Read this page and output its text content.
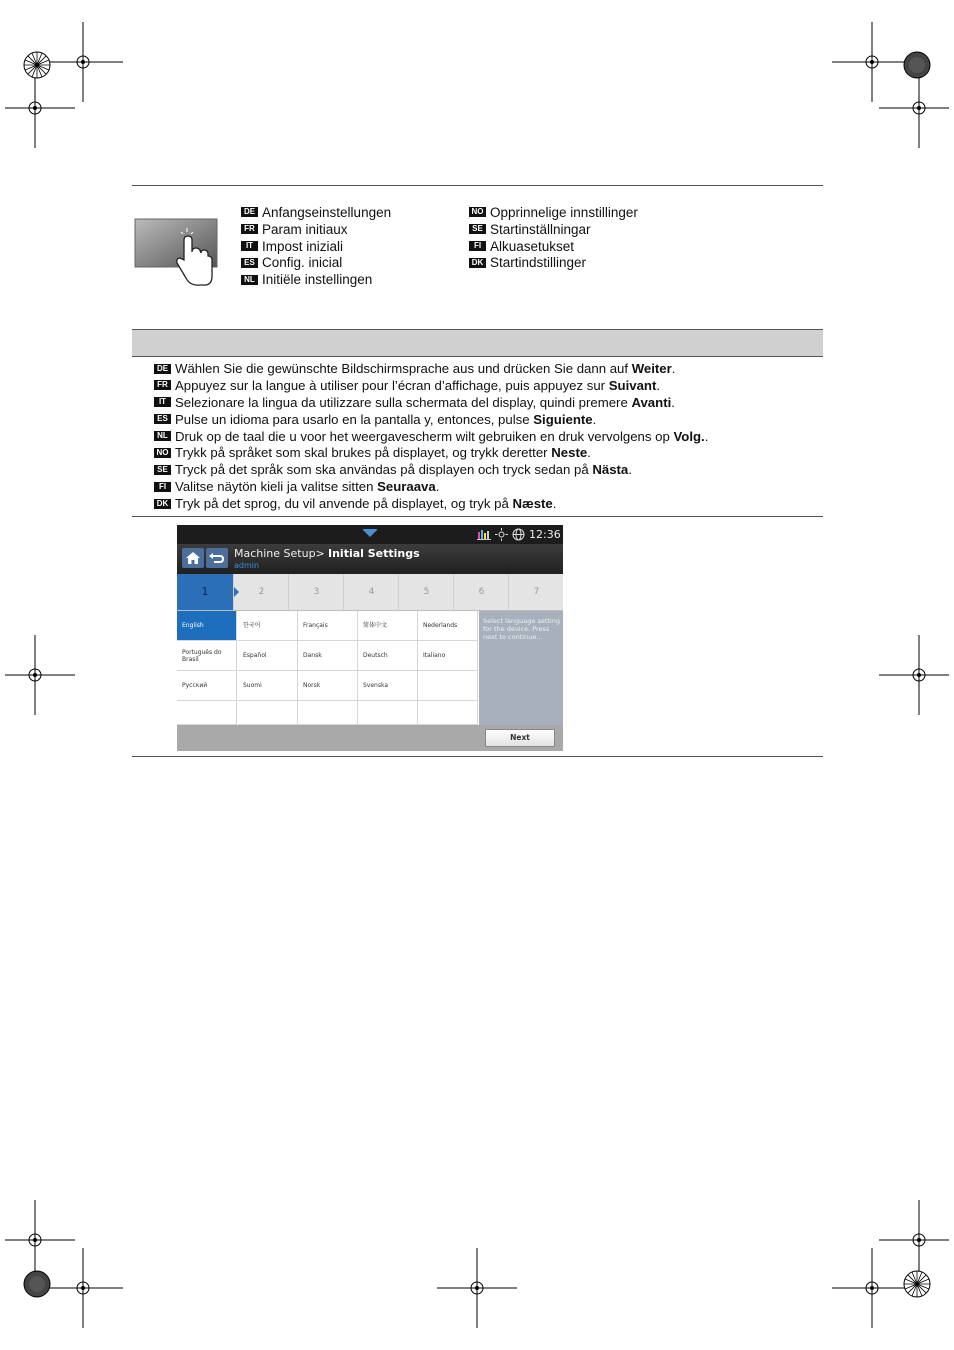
DE Anfangseinstellungen
FR Param initiaux
IT Impost iniziali
ES Config. inicial
NL Initiële instellingen
NO Opprinnelige innstillinger
SE Startinställningar
FI Alkuasetukset
DK Startindstillinger
DE Wählen Sie die gewünschte Bildschirmsprache aus und drücken Sie dann auf Weiter.
FR Appuyez sur la langue à utiliser pour l’écran d’affichage, puis appuyez sur Suivant.
IT Selezionare la lingua da utilizzare sulla schermata del display, quindi premere Avanti.
ES Pulse un idioma para usarlo en la pantalla y, entonces, pulse Siguiente.
NL Druk op de taal die u voor het weergavescherm wilt gebruiken en druk vervolgens op Volg..
NO Trykk på språket som skal brukes på displayet, og trykk deretter Neste.
SE Tryck på det språk som ska användas på displayen och tryck sedan på Nästa.
FI Valitse näytön kieli ja valitse sitten Seuraava.
DK Tryk på det sprog, du vil anvende på displayet, og tryk på Næste.
12:36
Machine Setup> Initial Settings
admin
1	2	3	4	5	6	7
English	한국어	Français	简体中文	Nederlands
Português do Brasil	Español	Dansk	Deutsch	Italiano
Русский	Suomi	Norsk	Svenska
Select language setting for the device. Press next to continue...
Next
